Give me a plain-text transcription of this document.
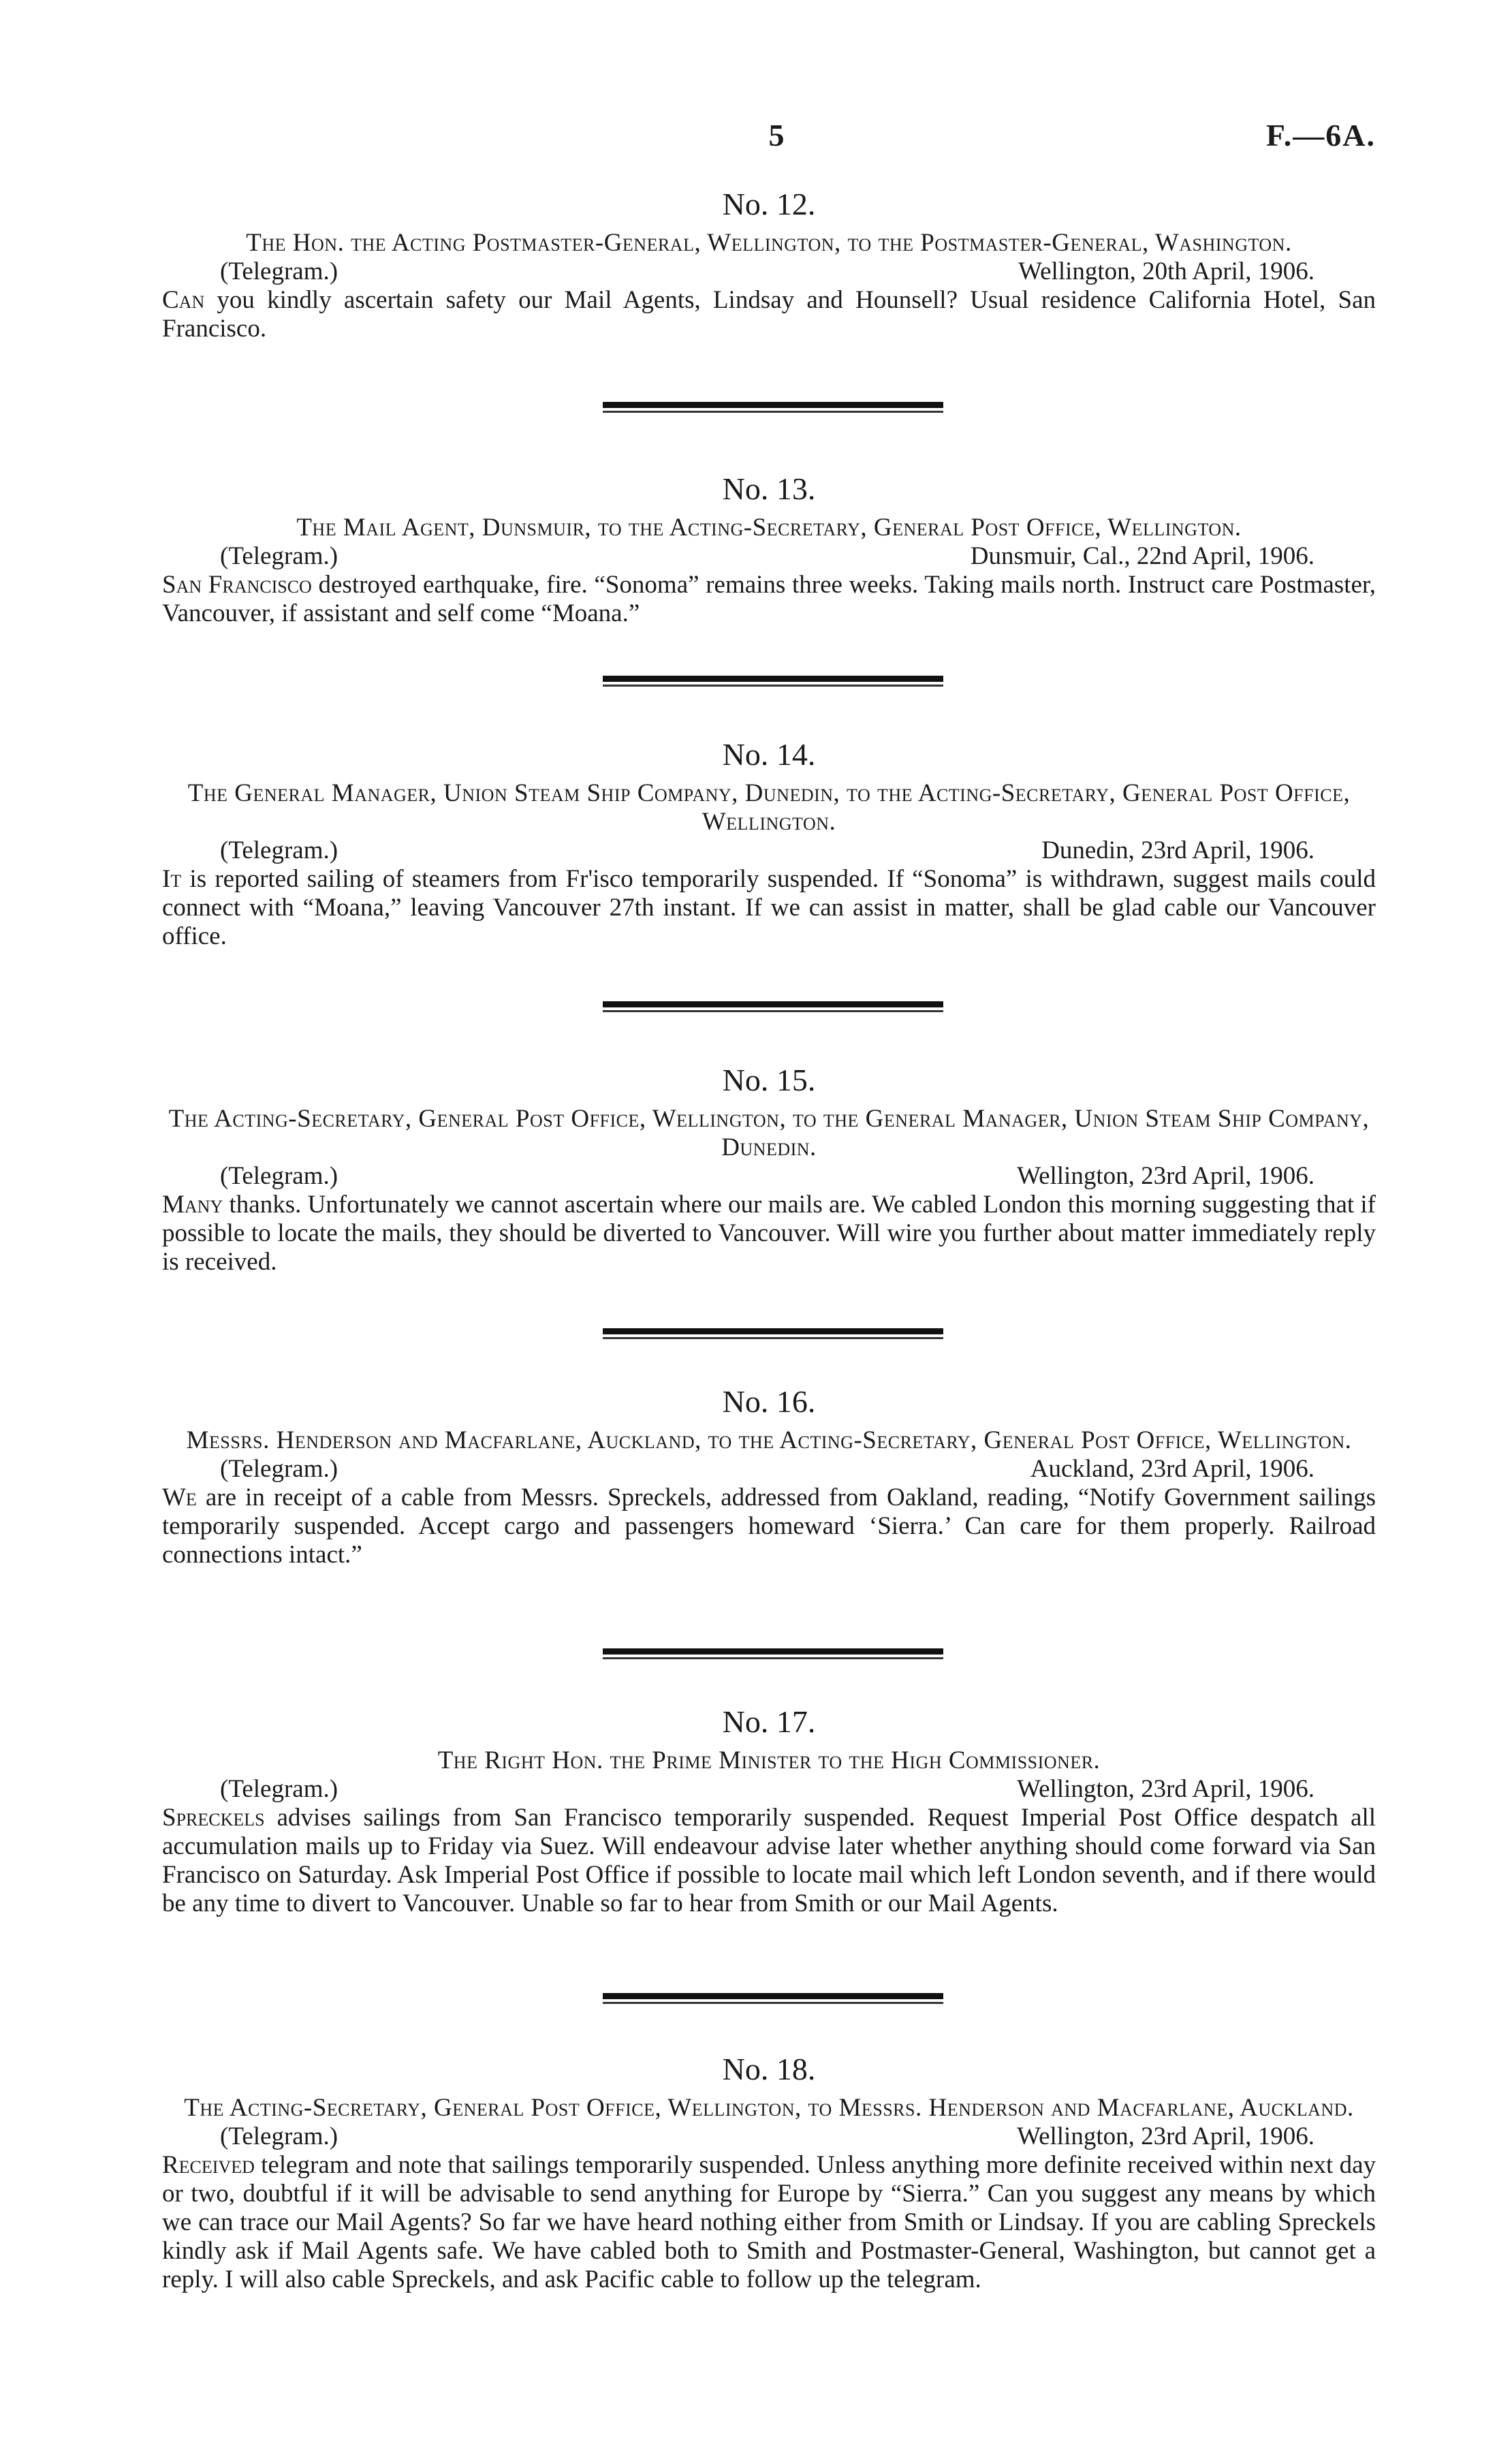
5	F.—6A.
No. 12.
The Hon. the Acting Postmaster-General, Wellington, to the Postmaster-General, Washington.
(Telegram.)	Wellington, 20th April, 1906.
Can you kindly ascertain safety our Mail Agents, Lindsay and Hounsell? Usual residence California Hotel, San Francisco.
No. 13.
The Mail Agent, Dunsmuir, to the Acting-Secretary, General Post Office, Wellington.
(Telegram.)	Dunsmuir, Cal., 22nd April, 1906.
San Francisco destroyed earthquake, fire. “Sonoma” remains three weeks. Taking mails north. Instruct care Postmaster, Vancouver, if assistant and self come “Moana.”
No. 14.
The General Manager, Union Steam Ship Company, Dunedin, to the Acting-Secretary, General Post Office, Wellington.
(Telegram.)	Dunedin, 23rd April, 1906.
It is reported sailing of steamers from Fr'isco temporarily suspended. If “Sonoma” is withdrawn, suggest mails could connect with “Moana,” leaving Vancouver 27th instant. If we can assist in matter, shall be glad cable our Vancouver office.
No. 15.
The Acting-Secretary, General Post Office, Wellington, to the General Manager, Union Steam Ship Company, Dunedin.
(Telegram.)	Wellington, 23rd April, 1906.
Many thanks. Unfortunately we cannot ascertain where our mails are. We cabled London this morning suggesting that if possible to locate the mails, they should be diverted to Vancouver. Will wire you further about matter immediately reply is received.
No. 16.
Messrs. Henderson and Macfarlane, Auckland, to the Acting-Secretary, General Post Office, Wellington.
(Telegram.)	Auckland, 23rd April, 1906.
We are in receipt of a cable from Messrs. Spreckels, addressed from Oakland, reading, “Notify Government sailings temporarily suspended. Accept cargo and passengers homeward ‘Sierra.’ Can care for them properly. Railroad connections intact.”
No. 17.
The Right Hon. the Prime Minister to the High Commissioner.
(Telegram.)	Wellington, 23rd April, 1906.
Spreckels advises sailings from San Francisco temporarily suspended. Request Imperial Post Office despatch all accumulation mails up to Friday via Suez. Will endeavour advise later whether anything should come forward via San Francisco on Saturday. Ask Imperial Post Office if possible to locate mail which left London seventh, and if there would be any time to divert to Vancouver. Unable so far to hear from Smith or our Mail Agents.
No. 18.
The Acting-Secretary, General Post Office, Wellington, to Messrs. Henderson and Macfarlane, Auckland.
(Telegram.)	Wellington, 23rd April, 1906.
Received telegram and note that sailings temporarily suspended. Unless anything more definite received within next day or two, doubtful if it will be advisable to send anything for Europe by “Sierra.” Can you suggest any means by which we can trace our Mail Agents? So far we have heard nothing either from Smith or Lindsay. If you are cabling Spreckels kindly ask if Mail Agents safe. We have cabled both to Smith and Postmaster-General, Washington, but cannot get a reply. I will also cable Spreckels, and ask Pacific cable to follow up the telegram.
